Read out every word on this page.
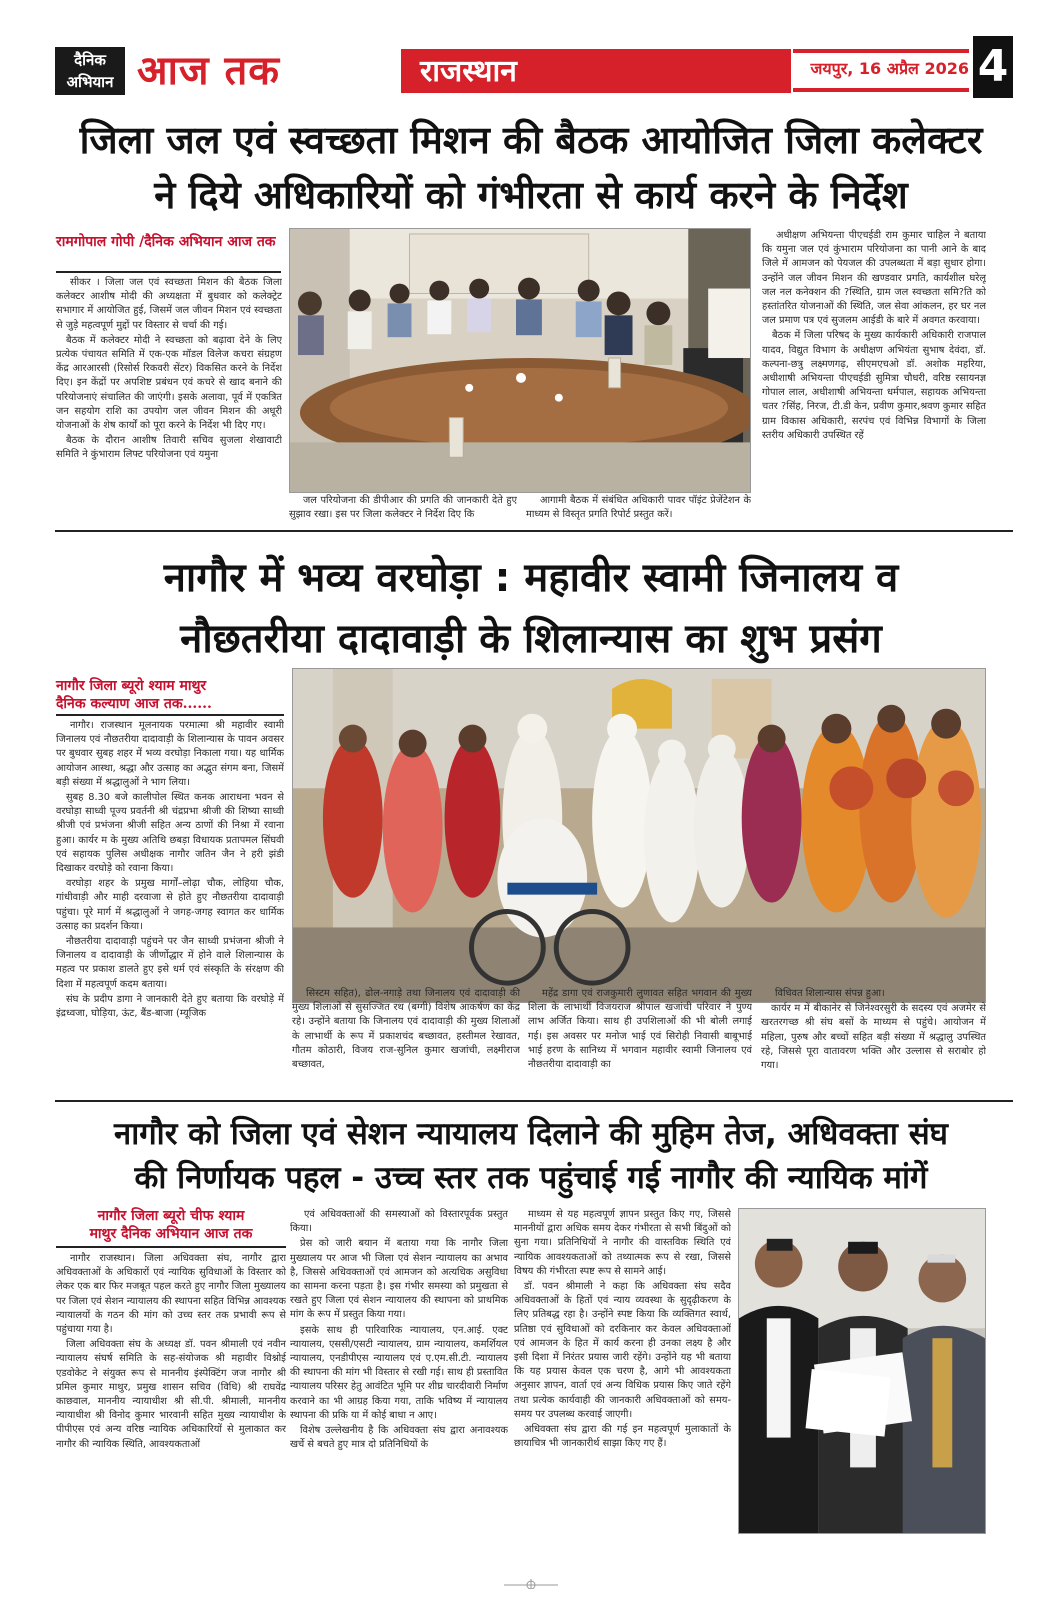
दैनिक
अभियान आज तक	राजस्थान	जयपुर, 16 अप्रैल 2026 4
जिला जल एवं स्वच्छता मिशन की बैठक आयोजित जिला कलेक्टर
ने दिये अधिकारियों को गंभीरता से कार्य करने के निर्देश
रामगोपाल गोपी /दैनिक अभियान आज तक

सीकर । जिला जल एवं स्वच्छता मिशन की बैठक जिला कलेक्टर आशीष मोदी की अध्यक्षता में बुधवार को कलेक्ट्रेट सभागार में आयोजित हुई, जिसमें जल जीवन मिशन एवं स्वच्छता से जुड़े महत्वपूर्ण मुद्दों पर विस्तार से चर्चा की गई।

बैठक में कलेक्टर मोदी ने स्वच्छता को बढ़ावा देने के लिए प्रत्येक पंचायत समिति में एक-एक मॉडल विलेज कचरा संग्रहण केंद्र आरआरसी (रिसोर्स रिकवरी सेंटर) विकसित करने के निर्देश दिए। इन केंद्रों पर अपशिष्ट प्रबंधन एवं कचरे से खाद बनाने की परियोजनाएं संचालित की जाएंगी। इसके अलावा, पूर्व में एकत्रित जन सहयोग राशि का उपयोग जल जीवन मिशन की अधूरी योजनाओं के शेष कार्यों को पूरा करने के निर्देश भी दिए गए।

बैठक के दौरान आशीष तिवारी सचिव सुजला शेखावाटी समिति ने कुंभाराम लिफ्ट परियोजना एवं यमुना

जल परियोजना की डीपीआर की प्रगति की जानकारी देते हुए सुझाव रखा। इस पर जिला कलेक्टर ने निर्देश दिए कि

आगामी बैठक में संबंधित अधिकारी पावर पॉइंट प्रेजेंटेशन के माध्यम से विस्तृत प्रगति रिपोर्ट प्रस्तुत करें।

अधीक्षण अभियन्ता पीएचईडी राम कुमार चाहिल ने बताया कि यमुना जल एवं कुंभाराम परियोजना का पानी आने के बाद जिले में आमजन को पेयजल की उपलब्धता में बड़ा सुधार होगा। उन्होंने जल जीवन मिशन की खण्डवार प्रगति, कार्यशील घरेलू जल नल कनेक्शन की ?स्थिति, ग्राम जल स्वच्छता समि?ति को हस्तांतरित योजनाओं की स्थिति, जल सेवा आंकलन, हर घर नल जल प्रमाण पत्र एवं सुजलम आईडी के बारे में अवगत करवाया।

बैठक में जिला परिषद के मुख्य कार्यकारी अधिकारी राजपाल यादव, विद्युत विभाग के अधीक्षण अभियंता सुभाष देवंदा, डॉ. कल्पना-छत्रु लक्ष्मणगढ़, सीएमएचओ डॉ. अशोक महरिया, अधीशाषी अभियन्ता पीएचईडी सुमित्रा चौधरी, वरिष्ठ रसायनज्ञ गोपाल लाल, अधीशाषी अभियन्ता धर्मपाल, सहायक अभियन्ता चतर ?सिंह, निरज, टी.डी केन, प्रवीण कुमार,श्रवण कुमार सहित ग्राम विकास अधिकारी, सरपंच एवं विभिन्न विभागों के जिला स्तरीय अधिकारी उपस्थित रहें

नागौर में भव्य वरघोड़ा : महावीर स्वामी जिनालय व
नौछतरीया दादावाड़ी के शिलान्यास का शुभ प्रसंग
नागौर जिला ब्यूरो श्याम माथुर
दैनिक कल्याण आज तक......

नागौर। राजस्थान मूलनायक परमात्मा श्री महावीर स्वामी जिनालय एवं नौछतरीया दादावाड़ी के शिलान्यास के पावन अवसर पर बुधवार सुबह शहर में भव्य वरघोड़ा निकाला गया। यह धार्मिक आयोजन आस्था, श्रद्धा और उत्साह का अद्भुत संगम बना, जिसमें बड़ी संख्या में श्रद्धालुओं ने भाग लिया।

सुबह 8.30 बजे कालीपोल स्थित कनक आराधना भवन से वरघोड़ा साध्वी पूज्य प्रवर्तनी श्री चंद्रप्रभा श्रीजी की शिष्या साध्वी श्रीजी एवं प्रभंजना श्रीजी सहित अन्य ठाणों की निश्रा में रवाना हुआ। कार्यर म के मुख्य अतिथि छबड़ा विधायक प्रतापमल सिंघवी एवं सहायक पुलिस अधीक्षक नागौर जतिन जैन ने हरी झंडी दिखाकर वरघोड़े को रवाना किया।

वरघोड़ा शहर के प्रमुख मार्गों–लोढ़ा चौक, लोहिया चौक, गांधीवाड़ी और माही दरवाजा से होते हुए नौछतरीया दादावाड़ी पहुंचा। पूरे मार्ग में श्रद्धालुओं ने जगह-जगह स्वागत कर धार्मिक उत्साह का प्रदर्शन किया।

नौछतरीया दादावाड़ी पहुंचने पर जैन साध्वी प्रभंजना श्रीजी ने जिनालय व दादावाड़ी के जीर्णोद्धार में होने वाले शिलान्यास के महत्व पर प्रकाश डालते हुए इसे धर्म एवं संस्कृति के संरक्षण की दिशा में महत्वपूर्ण कदम बताया।

संघ के प्रदीप डागा ने जानकारी देते हुए बताया कि वरघोड़े में इंद्रध्वजा, घोड़िया, ऊंट, बैंड-बाजा (म्यूजिक

सिस्टम सहित), ढोल-नगाड़े तथा जिनालय एवं दादावाड़ी की मुख्य शिलाओं से सुसज्जित रथ (बग्गी) विशेष आकर्षण का केंद्र रहे। उन्होंने बताया कि जिनालय एवं दादावाड़ी की मुख्य शिलाओं के लाभार्थी के रूप में प्रकाशचंद बच्छावत, हस्तीमल रेखावत, गौतम कोठारी, विजय राज-सुनिल कुमार खजांची, लक्ष्मीराज बच्छावत,

महेंद्र डागा एवं राजकुमारी लुणावत सहित भगवान की मुख्य शिला के लाभार्थी विजयराज श्रीपाल खजांची परिवार ने पुण्य लाभ अर्जित किया। साथ ही उपशिलाओं की भी बोली लगाई गई। इस अवसर पर मनोज भाई एवं सिरोही निवासी बाबूभाई भाई हरण के सानिध्य में भगवान महावीर स्वामी जिनालय एवं नौछतरीया दादावाड़ी का

विधिवत शिलान्यास संपन्न हुआ।

कार्यर म में बीकानेर से जिनेश्वरसुरी के सदस्य एवं अजमेर से खरतरगच्छ श्री संघ बसों के माध्यम से पहुंचे। आयोजन में महिला, पुरुष और बच्चों सहित बड़ी संख्या में श्रद्धालु उपस्थित रहे, जिससे पूरा वातावरण भक्ति और उल्लास से सराबोर हो गया।

नागौर को जिला एवं सेशन न्यायालय दिलाने की मुहिम तेज, अधिवक्ता संघ
की निर्णायक पहल - उच्च स्तर तक पहुंचाई गई नागौर की न्यायिक मांगें
नागौर जिला ब्यूरो चीफ श्याम
माथुर दैनिक अभियान आज तक

नागौर राजस्थान। जिला अधिवक्ता संघ, नागौर द्वारा अधिवक्ताओं के अधिकारों एवं न्यायिक सुविधाओं के विस्तार को लेकर एक बार फिर मजबूत पहल करते हुए नागौर जिला मुख्यालय पर जिला एवं सेशन न्यायालय की स्थापना सहित विभिन्न आवश्यक न्यायालयों के गठन की मांग को उच्च स्तर तक प्रभावी रूप से पहुंचाया गया है।

जिला अधिवक्ता संघ के अध्यक्ष डॉ. पवन श्रीमाली एवं नवीन न्यायालय संघर्ष समिति के सह-संयोजक श्री महावीर विश्नोई एडवोकेट ने संयुक्त रूप से माननीय इंस्पेक्टिंग जज नागौर श्री प्रमिल कुमार माथुर, प्रमुख शासन सचिव (विधि) श्री राघवेंद्र काछवाल, माननीय न्यायाधीश श्री सी.पी. श्रीमाली, माननीय न्यायाधीश श्री विनोद कुमार भारवानी सहित मुख्य न्यायाधीश के पीपीएस एवं अन्य वरिष्ठ न्यायिक अधिकारियों से मुलाकात कर नागौर की न्यायिक स्थिति, आवश्यकताओं

एवं अधिवक्ताओं की समस्याओं को विस्तारपूर्वक प्रस्तुत किया।

प्रेस को जारी बयान में बताया गया कि नागौर जिला मुख्यालय पर आज भी जिला एवं सेशन न्यायालय का अभाव है, जिससे अधिवक्ताओं एवं आमजन को अत्यधिक असुविधा का सामना करना पड़ता है। इस गंभीर समस्या को प्रमुखता से रखते हुए जिला एवं सेशन न्यायालय की स्थापना को प्राथमिक मांग के रूप में प्रस्तुत किया गया।

इसके साथ ही पारिवारिक न्यायालय, एन.आई. एक्ट न्यायालय, एससी/एसटी न्यायालय, ग्राम न्यायालय, कमर्शियल न्यायालय, एनडीपीएस न्यायालय एवं ए.एम.सी.टी. न्यायालय की स्थापना की मांग भी विस्तार से रखी गई। साथ ही प्रस्तावित न्यायालय परिसर हेतु आवंटित भूमि पर शीघ्र चारदीवारी निर्माण करवाने का भी आग्रह किया गया, ताकि भविष्य में न्यायालय स्थापना की प्रकि या में कोई बाधा न आए।

विशेष उल्लेखनीय है कि अधिवक्ता संघ द्वारा अनावश्यक खर्चे से बचते हुए मात्र दो प्रतिनिधियों के

माध्यम से यह महत्वपूर्ण ज्ञापन प्रस्तुत किए गए, जिससे माननीयों द्वारा अधिक समय देकर गंभीरता से सभी बिंदुओं को सुना गया। प्रतिनिधियों ने नागौर की वास्तविक स्थिति एवं न्यायिक आवश्यकताओं को तथ्यात्मक रूप से रखा, जिससे विषय की गंभीरता स्पष्ट रूप से सामने आई।

डॉ. पवन श्रीमाली ने कहा कि अधिवक्ता संघ सदैव अधिवक्ताओं के हितों एवं न्याय व्यवस्था के सुदृढ़ीकरण के लिए प्रतिबद्ध रहा है। उन्होंने स्पष्ट किया कि व्यक्तिगत स्वार्थ, प्रतिष्ठा एवं सुविधाओं को दरकिनार कर केवल अधिवक्ताओं एवं आमजन के हित में कार्य करना ही उनका लक्ष्य है और इसी दिशा में निरंतर प्रयास जारी रहेंगे। उन्होंने यह भी बताया कि यह प्रयास केवल एक चरण है, आगे भी आवश्यकता अनुसार ज्ञापन, वार्ता एवं अन्य विधिक प्रयास किए जाते रहेंगे तथा प्रत्येक कार्यवाही की जानकारी अधिवक्ताओं को समय-समय पर उपलब्ध करवाई जाएगी।

अधिवक्ता संघ द्वारा की गई इन महत्वपूर्ण मुलाकातों के छायाचित्र भी जानकारीर्थ साझा किए गए हैं।
